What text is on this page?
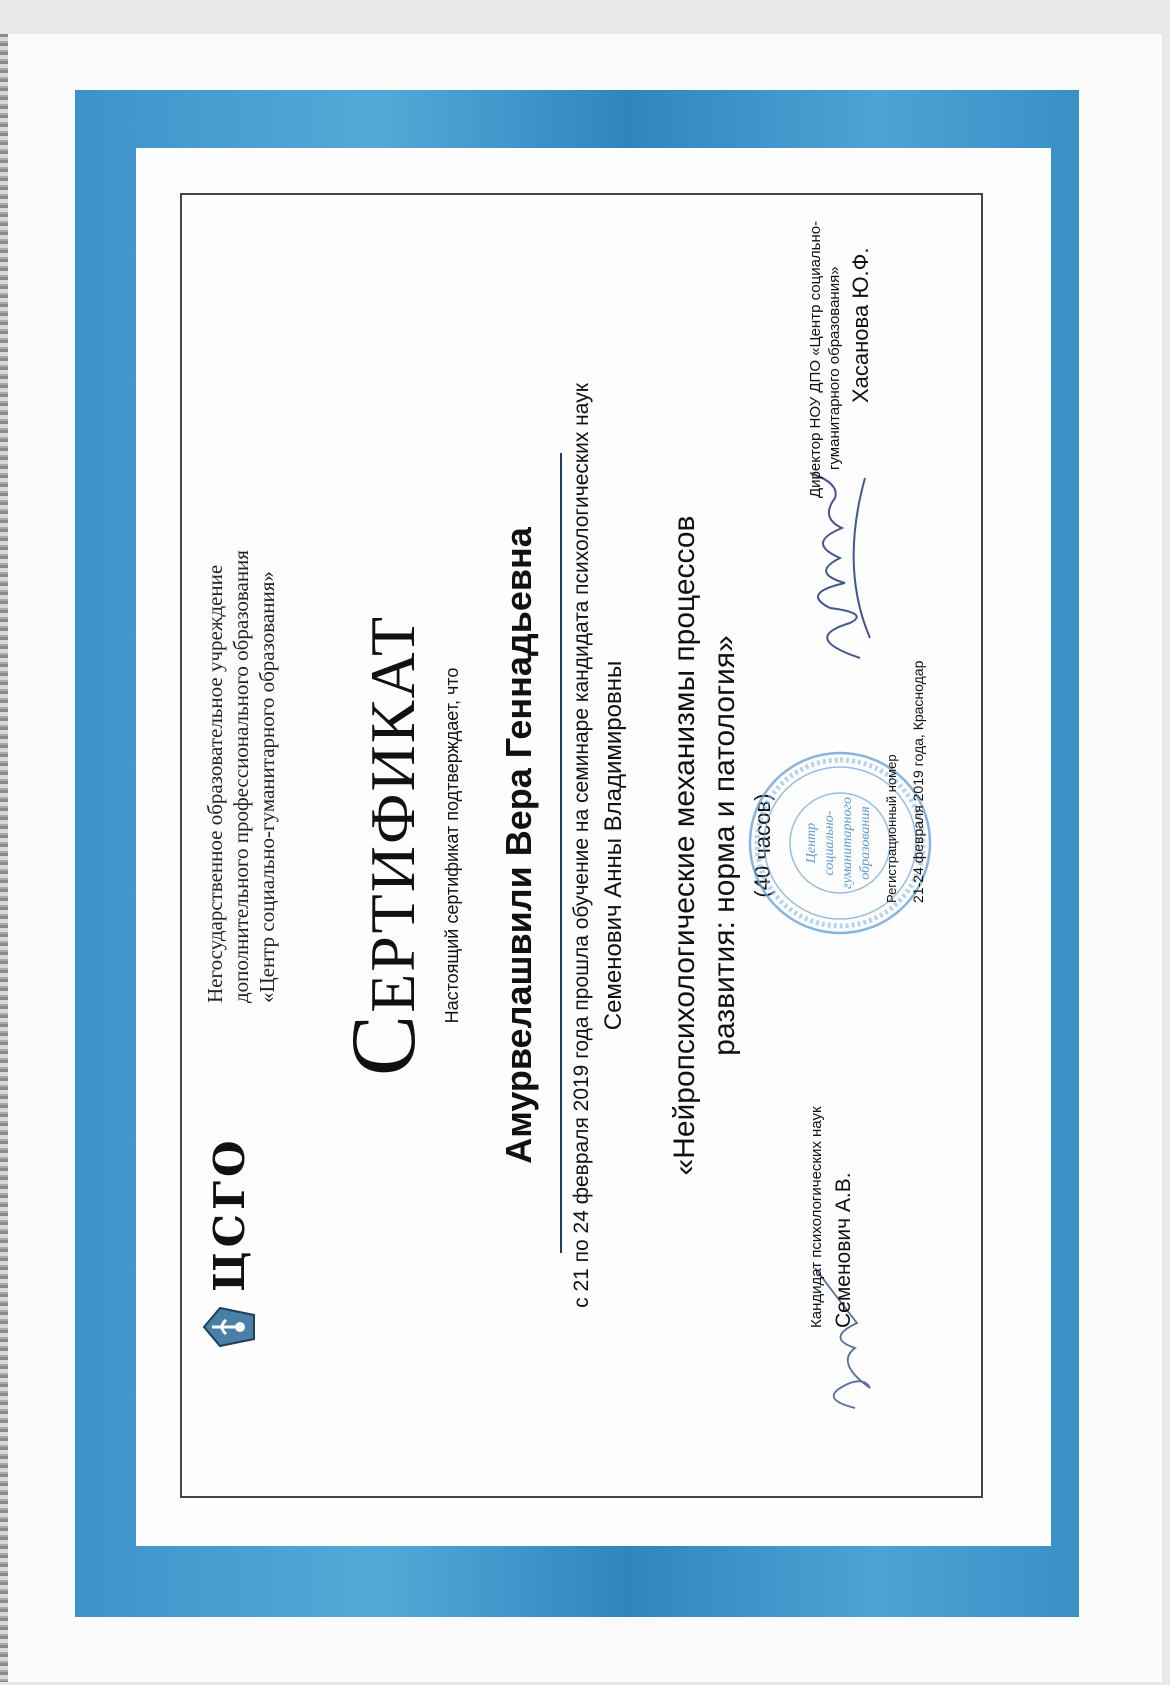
ЦСГО
Негосударственное образовательное учреждение дополнительного профессионального образования «Центр социально-гуманитарного образования» Сертификат Настоящий сертификат подтверждает, что Амурвелашвили Вера Геннадьевна с 21 по 24 февраля 2019 года прошла обучение на семинаре кандидата психологических наук Семенович Анны Владимировны «Нейропсихологические механизмы процессов развития: норма и патология» (40 часов) Центр социально- гуманитарного образования
Кандидат психологических наук Семенович А.В.
Директор НОУ ДПО «Центр социально- гуманитарного образования» Хасанова Ю.Ф.
Регистрационный номер 21-24 февраля 2019 года, Краснодар
